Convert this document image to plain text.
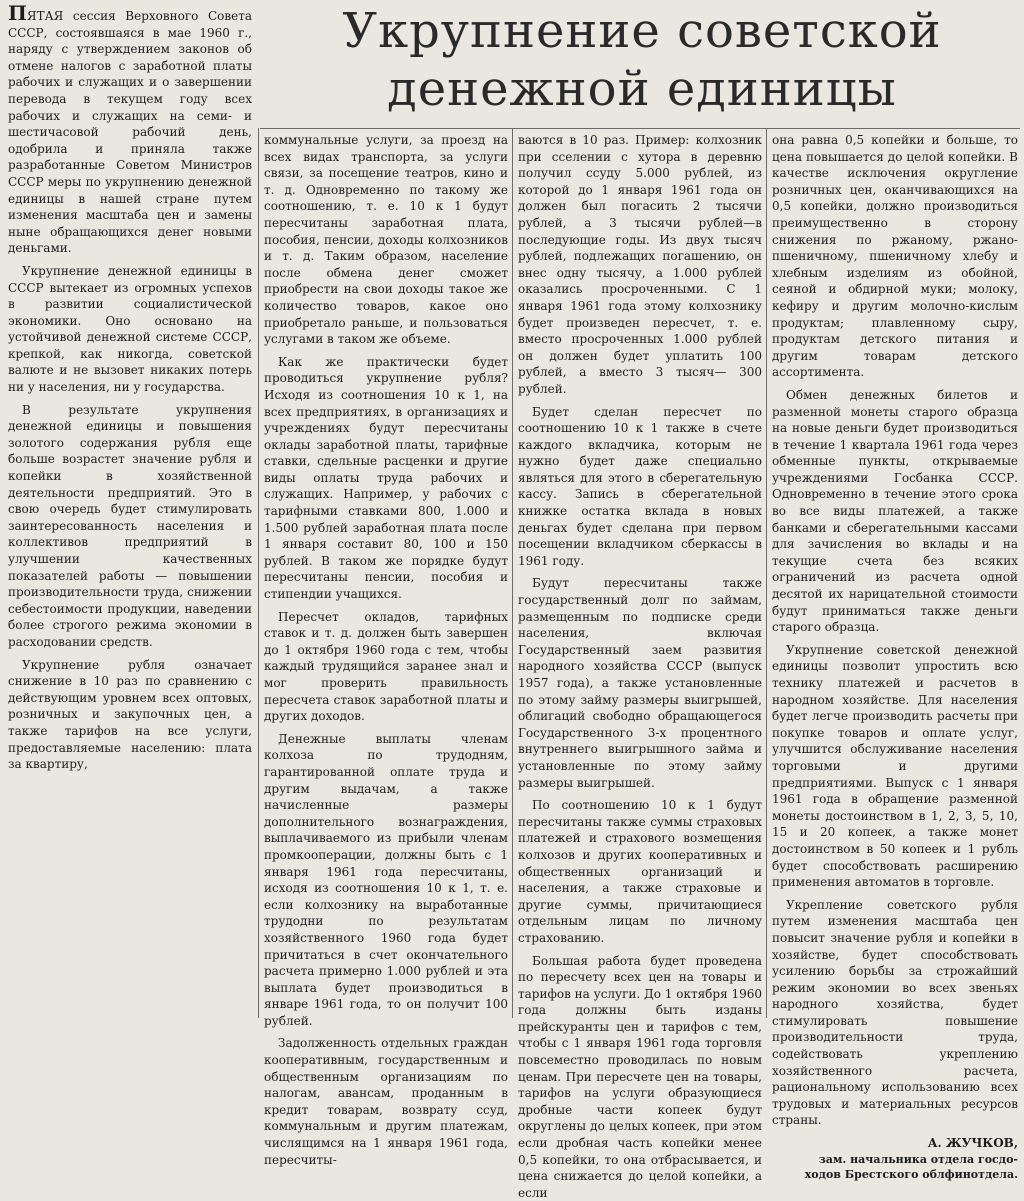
Укрупнение советской
денежной единицы

ПЯТАЯ сессия Верховного Совета СССР, состоявшаяся в мае 1960 г., наряду с утверждением законов об отмене налогов с заработной платы рабочих и служащих и о завершении перевода в текущем году всех рабочих и служащих на семи- и шестичасовой рабочий день, одобрила и приняла также разработанные Советом Министров СССР меры по укрупнению денежной единицы в нашей стране путем изменения масштаба цен и замены ныне обращающихся денег новыми деньгами.

Укрупнение денежной единицы в СССР вытекает из огромных успехов в развитии социалистической экономики. Оно основано на устойчивой денежной системе СССР, крепкой, как никогда, советской валюте и не вызовет никаких потерь ни у населения, ни у государства.

В результате укрупнения денежной единицы и повышения золотого содержания рубля еще больше возрастет значение рубля и копейки в хозяйственной деятельности предприятий. Это в свою очередь будет стимулировать заинтересованность населения и коллективов предприятий в улучшении качественных показателей работы — повышении производительности труда, снижении себестоимости продукции, наведении более строгого режима экономии в расходовании средств.

Укрупнение рубля означает снижение в 10 раз по сравнению с действующим уровнем всех оптовых, розничных и закупочных цен, а также тарифов на все услуги, предоставляемые населению: плата за квартиру,

коммунальные услуги, за проезд на всех видах транспорта, за услуги связи, за посещение театров, кино и т. д. Одновременно по такому же соотношению, т. е. 10 к 1 будут пересчитаны заработная плата, пособия, пенсии, доходы колхозников и т. д. Таким образом, население после обмена денег сможет приобрести на свои доходы такое же количество товаров, какое оно приобретало раньше, и пользоваться услугами в таком же объеме.

Как же практически будет проводиться укрупнение рубля? Исходя из соотношения 10 к 1, на всех предприятиях, в организациях и учреждениях будут пересчитаны оклады заработной платы, тарифные ставки, сдельные расценки и другие виды оплаты труда рабочих и служащих. Например, у рабочих с тарифными ставками 800, 1.000 и 1.500 рублей заработная плата после 1 января составит 80, 100 и 150 рублей. В таком же порядке будут пересчитаны пенсии, пособия и стипендии учащихся.

Пересчет окладов, тарифных ставок и т. д. должен быть завершен до 1 октября 1960 года с тем, чтобы каждый трудящийся заранее знал и мог проверить правильность пересчета ставок заработной платы и других доходов.

Денежные выплаты членам колхоза по трудодням, гарантированной оплате труда и другим выдачам, а также начисленные размеры дополнительного вознаграждения, выплачиваемого из прибыли членам промкооперации, должны быть с 1 января 1961 года пересчитаны, исходя из соотношения 10 к 1, т. е. если колхознику на выработанные трудодни по результатам хозяйственного 1960 года будет причитаться в счет окончательного расчета примерно 1.000 рублей и эта выплата будет производиться в январе 1961 года, то он получит 100 рублей.

Задолженность отдельных граждан кооперативным, государственным и общественным организациям по налогам, авансам, проданным в кредит товарам, возврату ссуд, коммунальным и другим платежам, числящимся на 1 января 1961 года, пересчиты-

ваются в 10 раз. Пример: колхозник при сселении с хутора в деревню получил ссуду 5.000 рублей, из которой до 1 января 1961 года он должен был погасить 2 тысячи рублей, а 3 тысячи рублей—в последующие годы. Из двух тысяч рублей, подлежащих погашению, он внес одну тысячу, а 1.000 рублей оказались просроченными. С 1 января 1961 года этому колхознику будет произведен пересчет, т. е. вместо просроченных 1.000 рублей он должен будет уплатить 100 рублей, а вместо 3 тысяч— 300 рублей.

Будет сделан пересчет по соотношению 10 к 1 также в счете каждого вкладчика, которым не нужно будет даже специально являться для этого в сберегательную кассу. Запись в сберегательной книжке остатка вклада в новых деньгах будет сделана при первом посещении вкладчиком сберкассы в 1961 году.

Будут пересчитаны также государственный долг по займам, размещенным по подписке среди населения, включая Государственный заем развития народного хозяйства СССР (выпуск 1957 года), а также установленные по этому займу размеры выигрышей, облигаций свободно обращающегося Государственного 3-х процентного внутреннего выигрышного займа и установленные по этому займу размеры выигрышей.

По соотношению 10 к 1 будут пересчитаны также суммы страховых платежей и страхового возмещения колхозов и других кооперативных и общественных организаций и населения, а также страховые и другие суммы, причитающиеся отдельным лицам по личному страхованию.

Большая работа будет проведена по пересчету всех цен на товары и тарифов на услуги. До 1 октября 1960 года должны быть изданы прейскуранты цен и тарифов с тем, чтобы с 1 января 1961 года торговля повсеместно проводилась по новым ценам. При пересчете цен на товары, тарифов на услуги образующиеся дробные части копеек будут округлены до целых копеек, при этом если дробная часть копейки менее 0,5 копейки, то она отбрасывается, и цена снижается до целой копейки, а если

она равна 0,5 копейки и больше, то цена повышается до целой копейки. В качестве исключения округление розничных цен, оканчивающихся на 0,5 копейки, должно производиться преимущественно в сторону снижения по ржаному, ржано-пшеничному, пшеничному хлебу и хлебным изделиям из обойной, сеяной и обдирной муки; молоку, кефиру и другим молочно-кислым продуктам; плавленному сыру, продуктам детского питания и другим товарам детского ассортимента.

Обмен денежных билетов и разменной монеты старого образца на новые деньги будет производиться в течение 1 квартала 1961 года через обменные пункты, открываемые учреждениями Госбанка СССР. Одновременно в течение этого срока во все виды платежей, а также банками и сберегательными кассами для зачисления во вклады и на текущие счета без всяких ограничений из расчета одной десятой их нарицательной стоимости будут приниматься также деньги старого образца.

Укрупнение советской денежной единицы позволит упростить всю технику платежей и расчетов в народном хозяйстве. Для населения будет легче производить расчеты при покупке товаров и оплате услуг, улучшится обслуживание населения торговыми и другими предприятиями. Выпуск с 1 января 1961 года в обращение разменной монеты достоинством в 1, 2, 3, 5, 10, 15 и 20 копеек, а также монет достоинством в 50 копеек и 1 рубль будет способствовать расширению применения автоматов в торговле.

Укрепление советского рубля путем изменения масштаба цен повысит значение рубля и копейки в хозяйстве, будет способствовать усилению борьбы за строжайший режим экономии во всех звеньях народного хозяйства, будет стимулировать повышение производительности труда, содействовать укреплению хозяйственного расчета, рациональному использованию всех трудовых и материальных ресурсов страны.

А. ЖУЧКОВ,
зам. начальника отдела госдо-
ходов Брестского облфинотдела.
